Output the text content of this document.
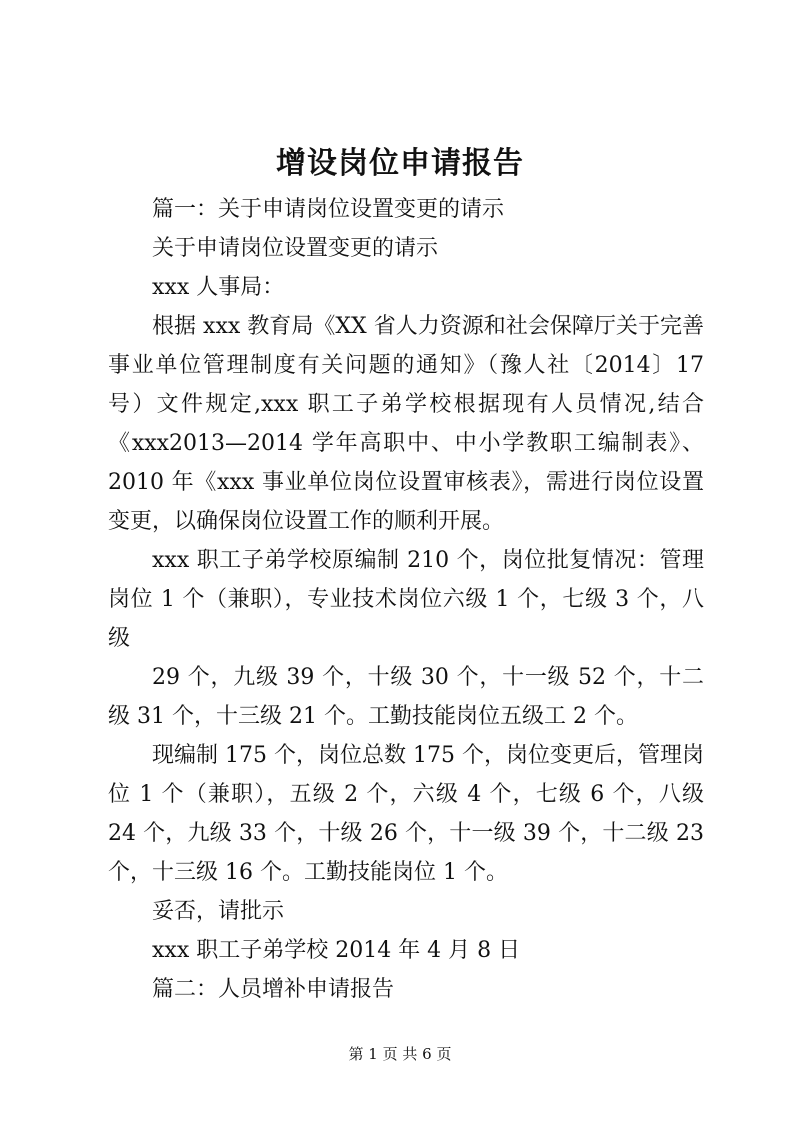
增设岗位申请报告

篇一：关于申请岗位设置变更的请示

关于申请岗位设置变更的请示

xxx 人事局：

根据 xxx 教育局《XX 省人力资源和社会保障厅关于完善事业单位管理制度有关问题的通知》（豫人社〔2014〕17 号）文件规定,xxx 职工子弟学校根据现有人员情况,结合《xxx2013—2014 学年高职中、中小学教职工编制表》、2010 年《xxx 事业单位岗位设置审核表》，需进行岗位设置变更，以确保岗位设置工作的顺利开展。

xxx 职工子弟学校原编制 210 个，岗位批复情况：管理岗位 1 个（兼职），专业技术岗位六级 1 个，七级 3 个，八级

29 个，九级 39 个，十级 30 个，十一级 52 个，十二级 31 个，十三级 21 个。工勤技能岗位五级工 2 个。

现编制 175 个，岗位总数 175 个，岗位变更后，管理岗位 1 个（兼职），五级 2 个，六级 4 个，七级 6 个，八级 24 个，九级 33 个，十级 26 个，十一级 39 个，十二级 23 个，十三级 16 个。工勤技能岗位 1 个。

妥否，请批示

xxx 职工子弟学校 2014 年 4 月 8 日

篇二：人员增补申请报告

第 1 页 共 6 页
